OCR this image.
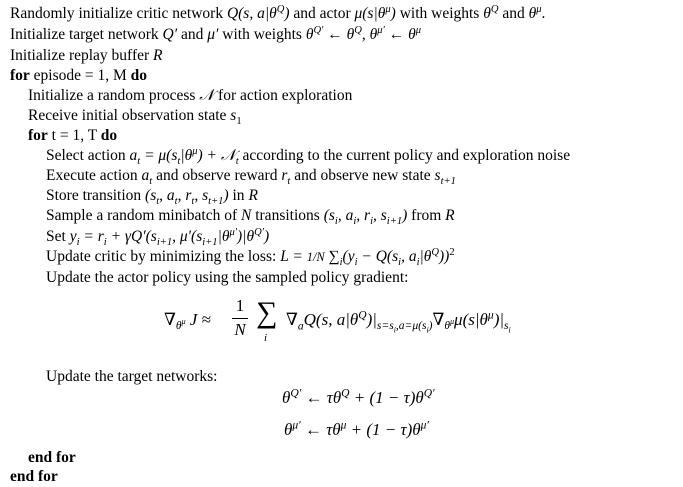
Randomly initialize critic network Q(s, $a|\theta^Q$) and actor $\mu(s|\theta^\mu)$ with weights $\theta^Q$ and $\theta^\mu$.
Initialize target network Q′ and μ′ with weights $\theta^{Q'}$ ← $\theta^Q$, $\theta^{\mu'}$ ← $\theta^\mu$
Initialize replay buffer R
for episode = 1, M do
Initialize a random process 𝒩 for action exploration
Receive initial observation state $s_1$
for t = 1, T do
Select action $a_t = \mu(s_t|\theta^\mu)$ + 𝒩$_t$ according to the current policy and exploration noise
Execute action $a_t$ and observe reward $r_t$ and observe new state $s_{t+1}$
Store transition ($s_t$, $a_t$, $r_t$, $s_{t+1}$) in R
Sample a random minibatch of N transitions ($s_i$, $a_i$, $r_i$, $s_{i+1}$) from R
Set $y_i = r_i + \gamma Q'(s_{i+1}$, $\mu'(s_{i+1}|\theta^{\mu'})|\theta^{Q'}$)
Update critic by minimizing the loss: L = 1/N $\sum_i(y_i - Q(s_i$, $a_i|\theta^Q))^2$
Update the actor policy using the sampled policy gradient:
$\nabla_{\theta^\mu}$ J ≈
1
N
∑
i
$\nabla_aQ(s$, $a|\theta^Q)|_{s=s_i,a=\mu(s_i)}\nabla_{\theta^\mu}\mu(s|\theta^\mu)|_{s_i}$
Update the target networks:
$\theta^{Q'}$ ← $\tau\theta^Q + (1 - \tau)\theta^{Q'}$
$\theta^{\mu'}$ ← $\tau\theta^\mu + (1 - \tau)\theta^{\mu'}$
end for
end for
